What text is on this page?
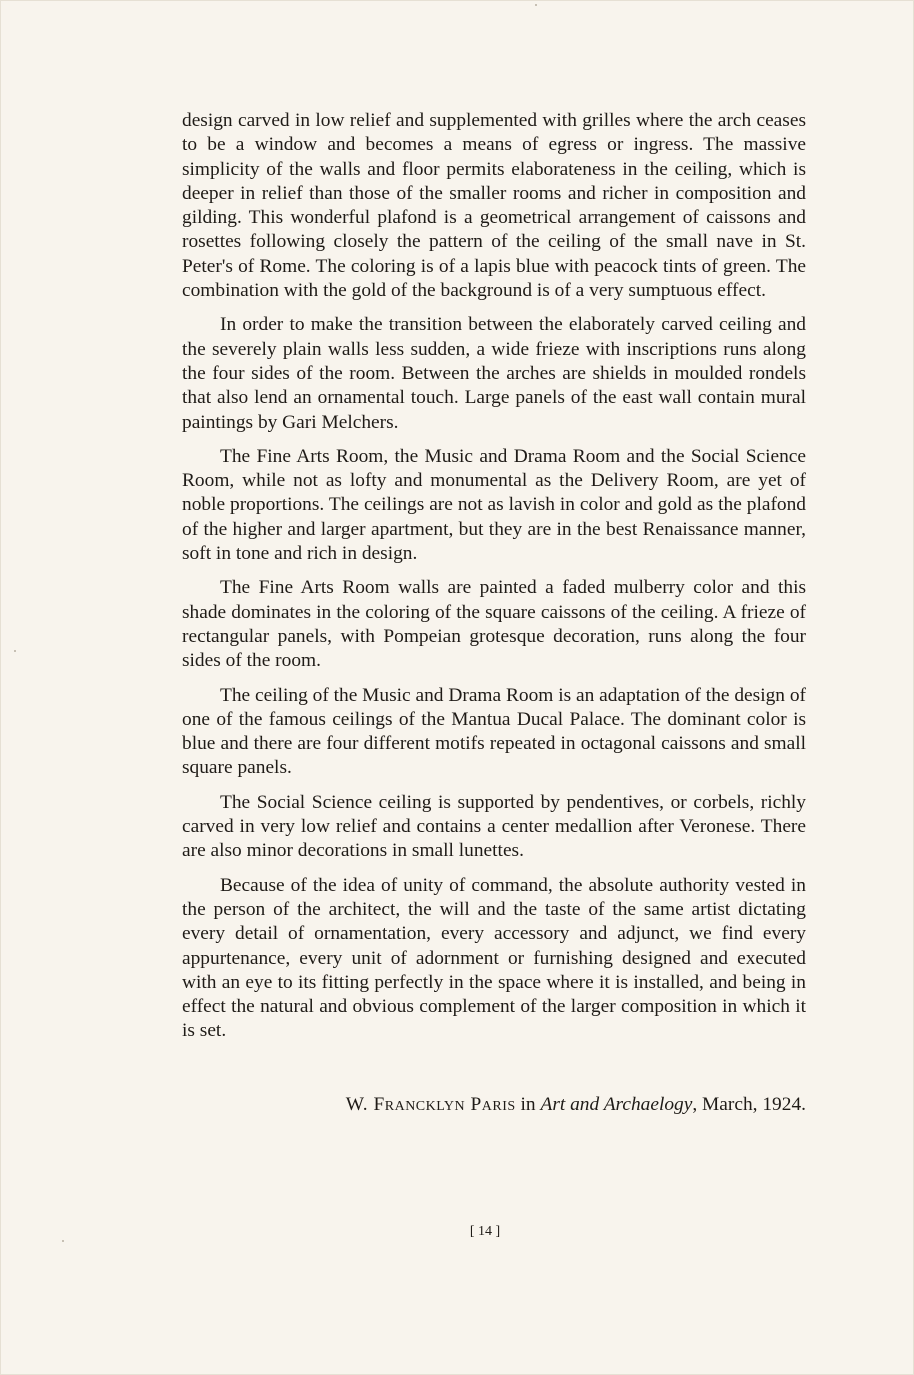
design carved in low relief and supplemented with grilles where the arch ceases to be a window and becomes a means of egress or ingress. The massive simplicity of the walls and floor permits elaborateness in the ceiling, which is deeper in relief than those of the smaller rooms and richer in composition and gilding. This wonderful plafond is a geometrical arrangement of caissons and rosettes following closely the pattern of the ceiling of the small nave in St. Peter's of Rome. The coloring is of a lapis blue with peacock tints of green. The combination with the gold of the background is of a very sumptuous effect.

In order to make the transition between the elaborately carved ceiling and the severely plain walls less sudden, a wide frieze with inscriptions runs along the four sides of the room. Between the arches are shields in moulded rondels that also lend an ornamental touch. Large panels of the east wall contain mural paintings by Gari Melchers.

The Fine Arts Room, the Music and Drama Room and the Social Science Room, while not as lofty and monumental as the Delivery Room, are yet of noble proportions. The ceilings are not as lavish in color and gold as the plafond of the higher and larger apartment, but they are in the best Renaissance manner, soft in tone and rich in design.

The Fine Arts Room walls are painted a faded mulberry color and this shade dominates in the coloring of the square caissons of the ceiling. A frieze of rectangular panels, with Pompeian grotesque decoration, runs along the four sides of the room.

The ceiling of the Music and Drama Room is an adaptation of the design of one of the famous ceilings of the Mantua Ducal Palace. The dominant color is blue and there are four different motifs repeated in octagonal caissons and small square panels.

The Social Science ceiling is supported by pendentives, or corbels, richly carved in very low relief and contains a center medallion after Veronese. There are also minor decorations in small lunettes.

Because of the idea of unity of command, the absolute authority vested in the person of the architect, the will and the taste of the same artist dictating every detail of ornamentation, every accessory and adjunct, we find every appurtenance, every unit of adornment or furnishing designed and executed with an eye to its fitting perfectly in the space where it is installed, and being in effect the natural and obvious complement of the larger composition in which it is set.

W. Francklyn Paris in Art and Archaelogy, March, 1924.
[ 14 ]
